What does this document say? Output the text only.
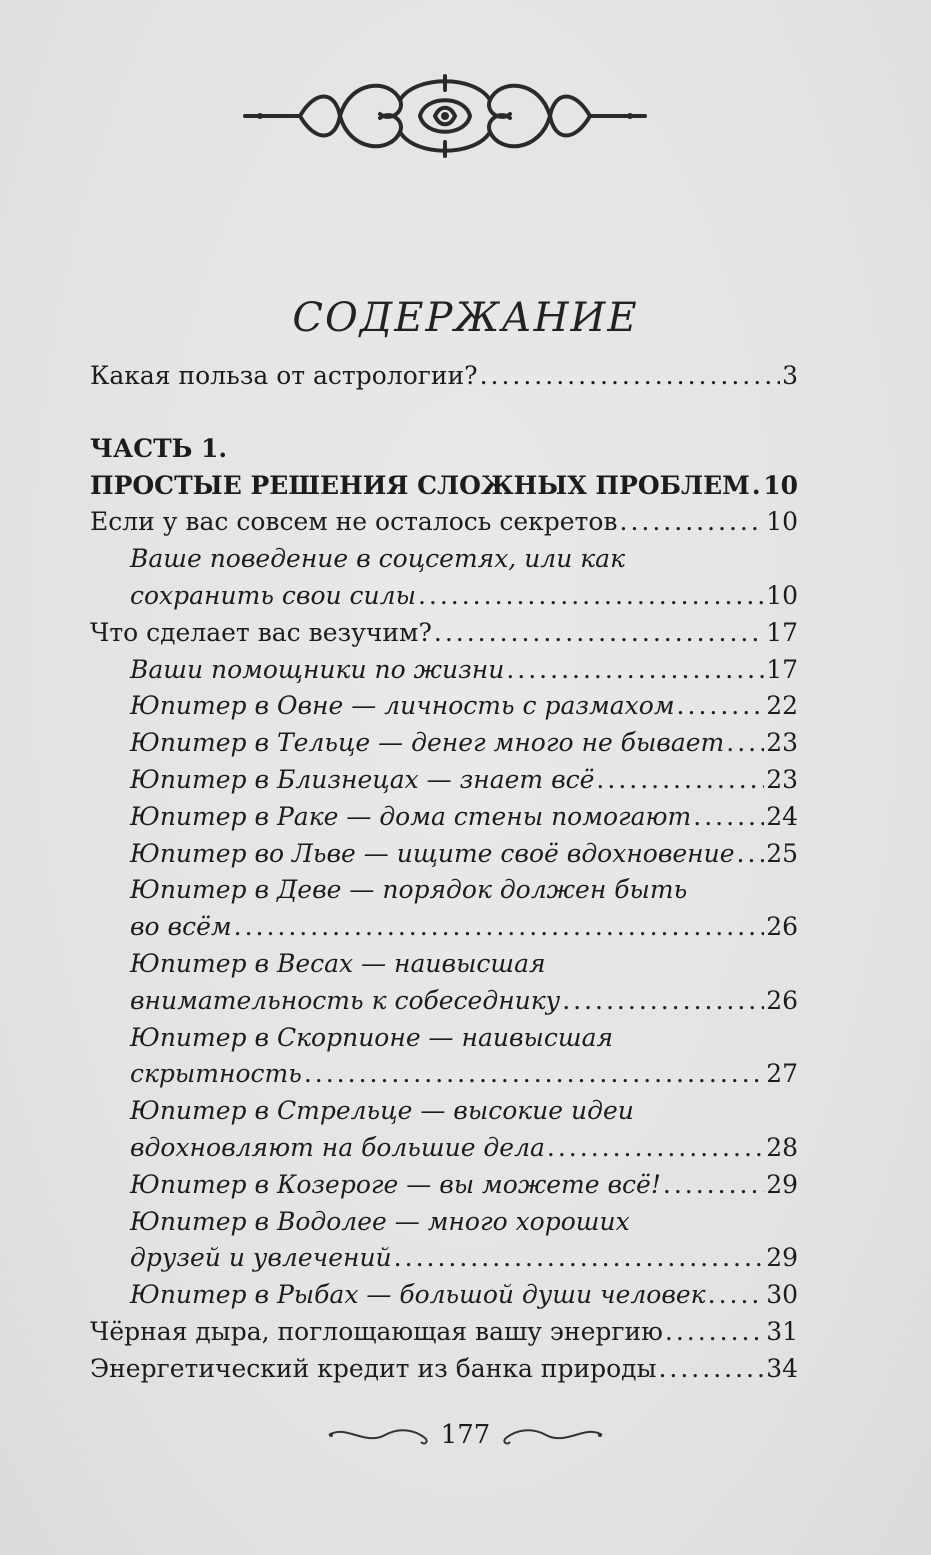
СОДЕРЖАНИЕ
Какая польза от астрологии? .....	3
ЧАСТЬ 1.
ПРОСТЫЕ РЕШЕНИЯ СЛОЖНЫХ ПРОБЛЕМ ..... 10
Если у вас совсем не осталось секретов .....	10
Ваше поведение в соцсетях, или как
сохранить свои силы .....	10
Что сделает вас везучим? .....	17
Ваши помощники по жизни .....	17
Юпитер в Овне — личность с размахом .....	22
Юпитер в Тельце — денег много не бывает ..... 23
Юпитер в Близнецах — знает всё .....	23
Юпитер в Раке — дома стены помогают .....	24
Юпитер во Льве — ищите своё вдохновение ..... 25
Юпитер в Деве — порядок должен быть
во всём .....	26
Юпитер в Весах — наивысшая
внимательность к собеседнику .....	26
Юпитер в Скорпионе — наивысшая
скрытность .....	27
Юпитер в Стрельце — высокие идеи
вдохновляют на большие дела .....	28
Юпитер в Козероге — вы можете всё! .....	29
Юпитер в Водолее — много хороших
друзей и увлечений .....	29
Юпитер в Рыбах — большой души человек ..... 30
Чёрная дыра, поглощающая вашу энергию .....	31
Энергетический кредит из банка природы .....	34
177
